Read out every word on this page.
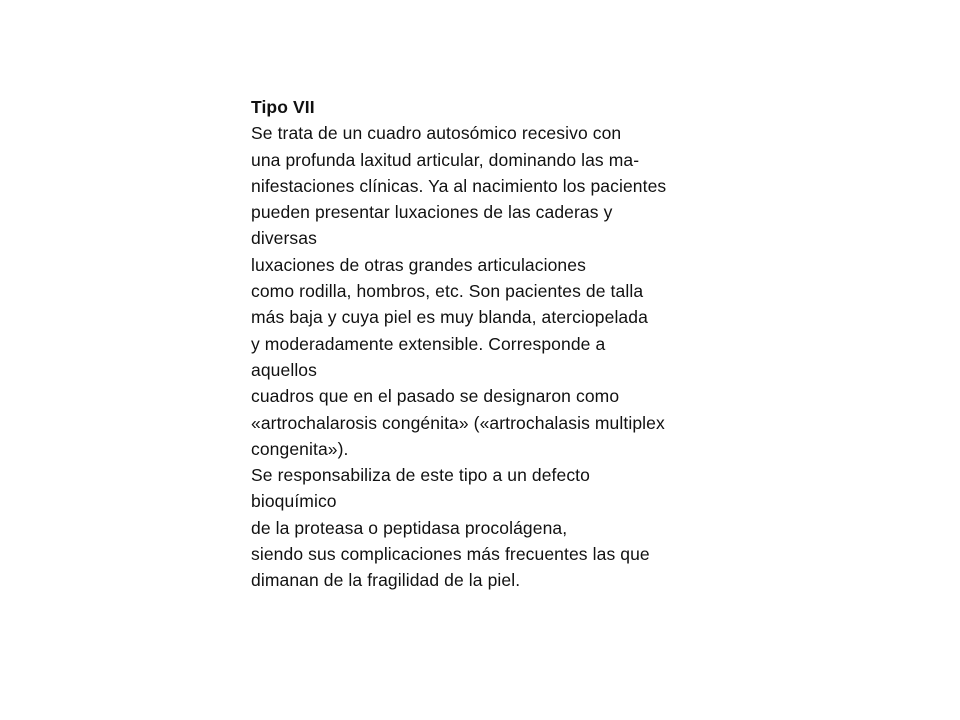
Tipo VII
Se trata de un cuadro autosómico recesivo con
una profunda laxitud articular, dominando las ma-
nifestaciones clínicas. Ya al nacimiento los pacientes
pueden presentar luxaciones de las caderas y
diversas
luxaciones de otras grandes articulaciones
como rodilla, hombros, etc. Son pacientes de talla
más baja y cuya piel es muy blanda, aterciopelada
y moderadamente extensible. Corresponde a
aquellos
cuadros que en el pasado se designaron como
«artrochalarosis congénita» («artrochalasis multiplex
congenita»).
Se responsabiliza de este tipo a un defecto
bioquímico
de la proteasa o peptidasa procolágena,
siendo sus complicaciones más frecuentes las que
dimanan de la fragilidad de la piel.
